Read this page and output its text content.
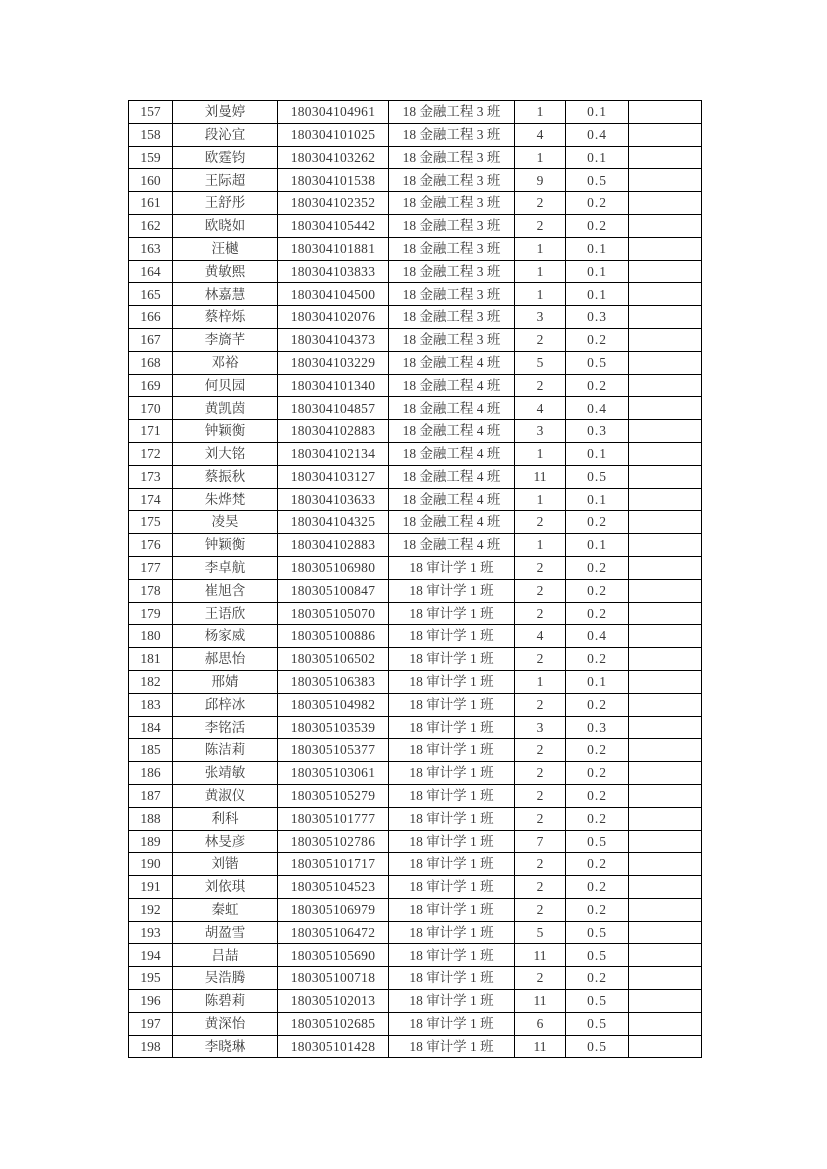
157	刘曼婷	180304104961	18 金融工程 3 班	1	0.1	
158	段沁宜	180304101025	18 金融工程 3 班	4	0.4	
159	欧霆钧	180304103262	18 金融工程 3 班	1	0.1	
160	王际超	180304101538	18 金融工程 3 班	9	0.5	
161	王舒彤	180304102352	18 金融工程 3 班	2	0.2	
162	欧晓如	180304105442	18 金融工程 3 班	2	0.2	
163	汪樾	180304101881	18 金融工程 3 班	1	0.1	
164	黄敏熙	180304103833	18 金融工程 3 班	1	0.1	
165	林嘉慧	180304104500	18 金融工程 3 班	1	0.1	
166	蔡梓烁	180304102076	18 金融工程 3 班	3	0.3	
167	李旖芊	180304104373	18 金融工程 3 班	2	0.2	
168	邓裕	180304103229	18 金融工程 4 班	5	0.5	
169	何贝园	180304101340	18 金融工程 4 班	2	0.2	
170	黄凯茵	180304104857	18 金融工程 4 班	4	0.4	
171	钟颖衡	180304102883	18 金融工程 4 班	3	0.3	
172	刘大铭	180304102134	18 金融工程 4 班	1	0.1	
173	蔡振秋	180304103127	18 金融工程 4 班	11	0.5	
174	朱烨梵	180304103633	18 金融工程 4 班	1	0.1	
175	凌昊	180304104325	18 金融工程 4 班	2	0.2	
176	钟颖衡	180304102883	18 金融工程 4 班	1	0.1	
177	李卓航	180305106980	18 审计学 1 班	2	0.2	
178	崔旭含	180305100847	18 审计学 1 班	2	0.2	
179	王语欣	180305105070	18 审计学 1 班	2	0.2	
180	杨家威	180305100886	18 审计学 1 班	4	0.4	
181	郝思怡	180305106502	18 审计学 1 班	2	0.2	
182	邢婧	180305106383	18 审计学 1 班	1	0.1	
183	邱梓冰	180305104982	18 审计学 1 班	2	0.2	
184	李铭活	180305103539	18 审计学 1 班	3	0.3	
185	陈洁莉	180305105377	18 审计学 1 班	2	0.2	
186	张靖敏	180305103061	18 审计学 1 班	2	0.2	
187	黄淑仪	180305105279	18 审计学 1 班	2	0.2	
188	利科	180305101777	18 审计学 1 班	2	0.2	
189	林旻彦	180305102786	18 审计学 1 班	7	0.5	
190	刘锴	180305101717	18 审计学 1 班	2	0.2	
191	刘依琪	180305104523	18 审计学 1 班	2	0.2	
192	秦虹	180305106979	18 审计学 1 班	2	0.2	
193	胡盈雪	180305106472	18 审计学 1 班	5	0.5	
194	吕喆	180305105690	18 审计学 1 班	11	0.5	
195	吴浩腾	180305100718	18 审计学 1 班	2	0.2	
196	陈碧莉	180305102013	18 审计学 1 班	11	0.5	
197	黄深怡	180305102685	18 审计学 1 班	6	0.5	
198	李晓琳	180305101428	18 审计学 1 班	11	0.5	
